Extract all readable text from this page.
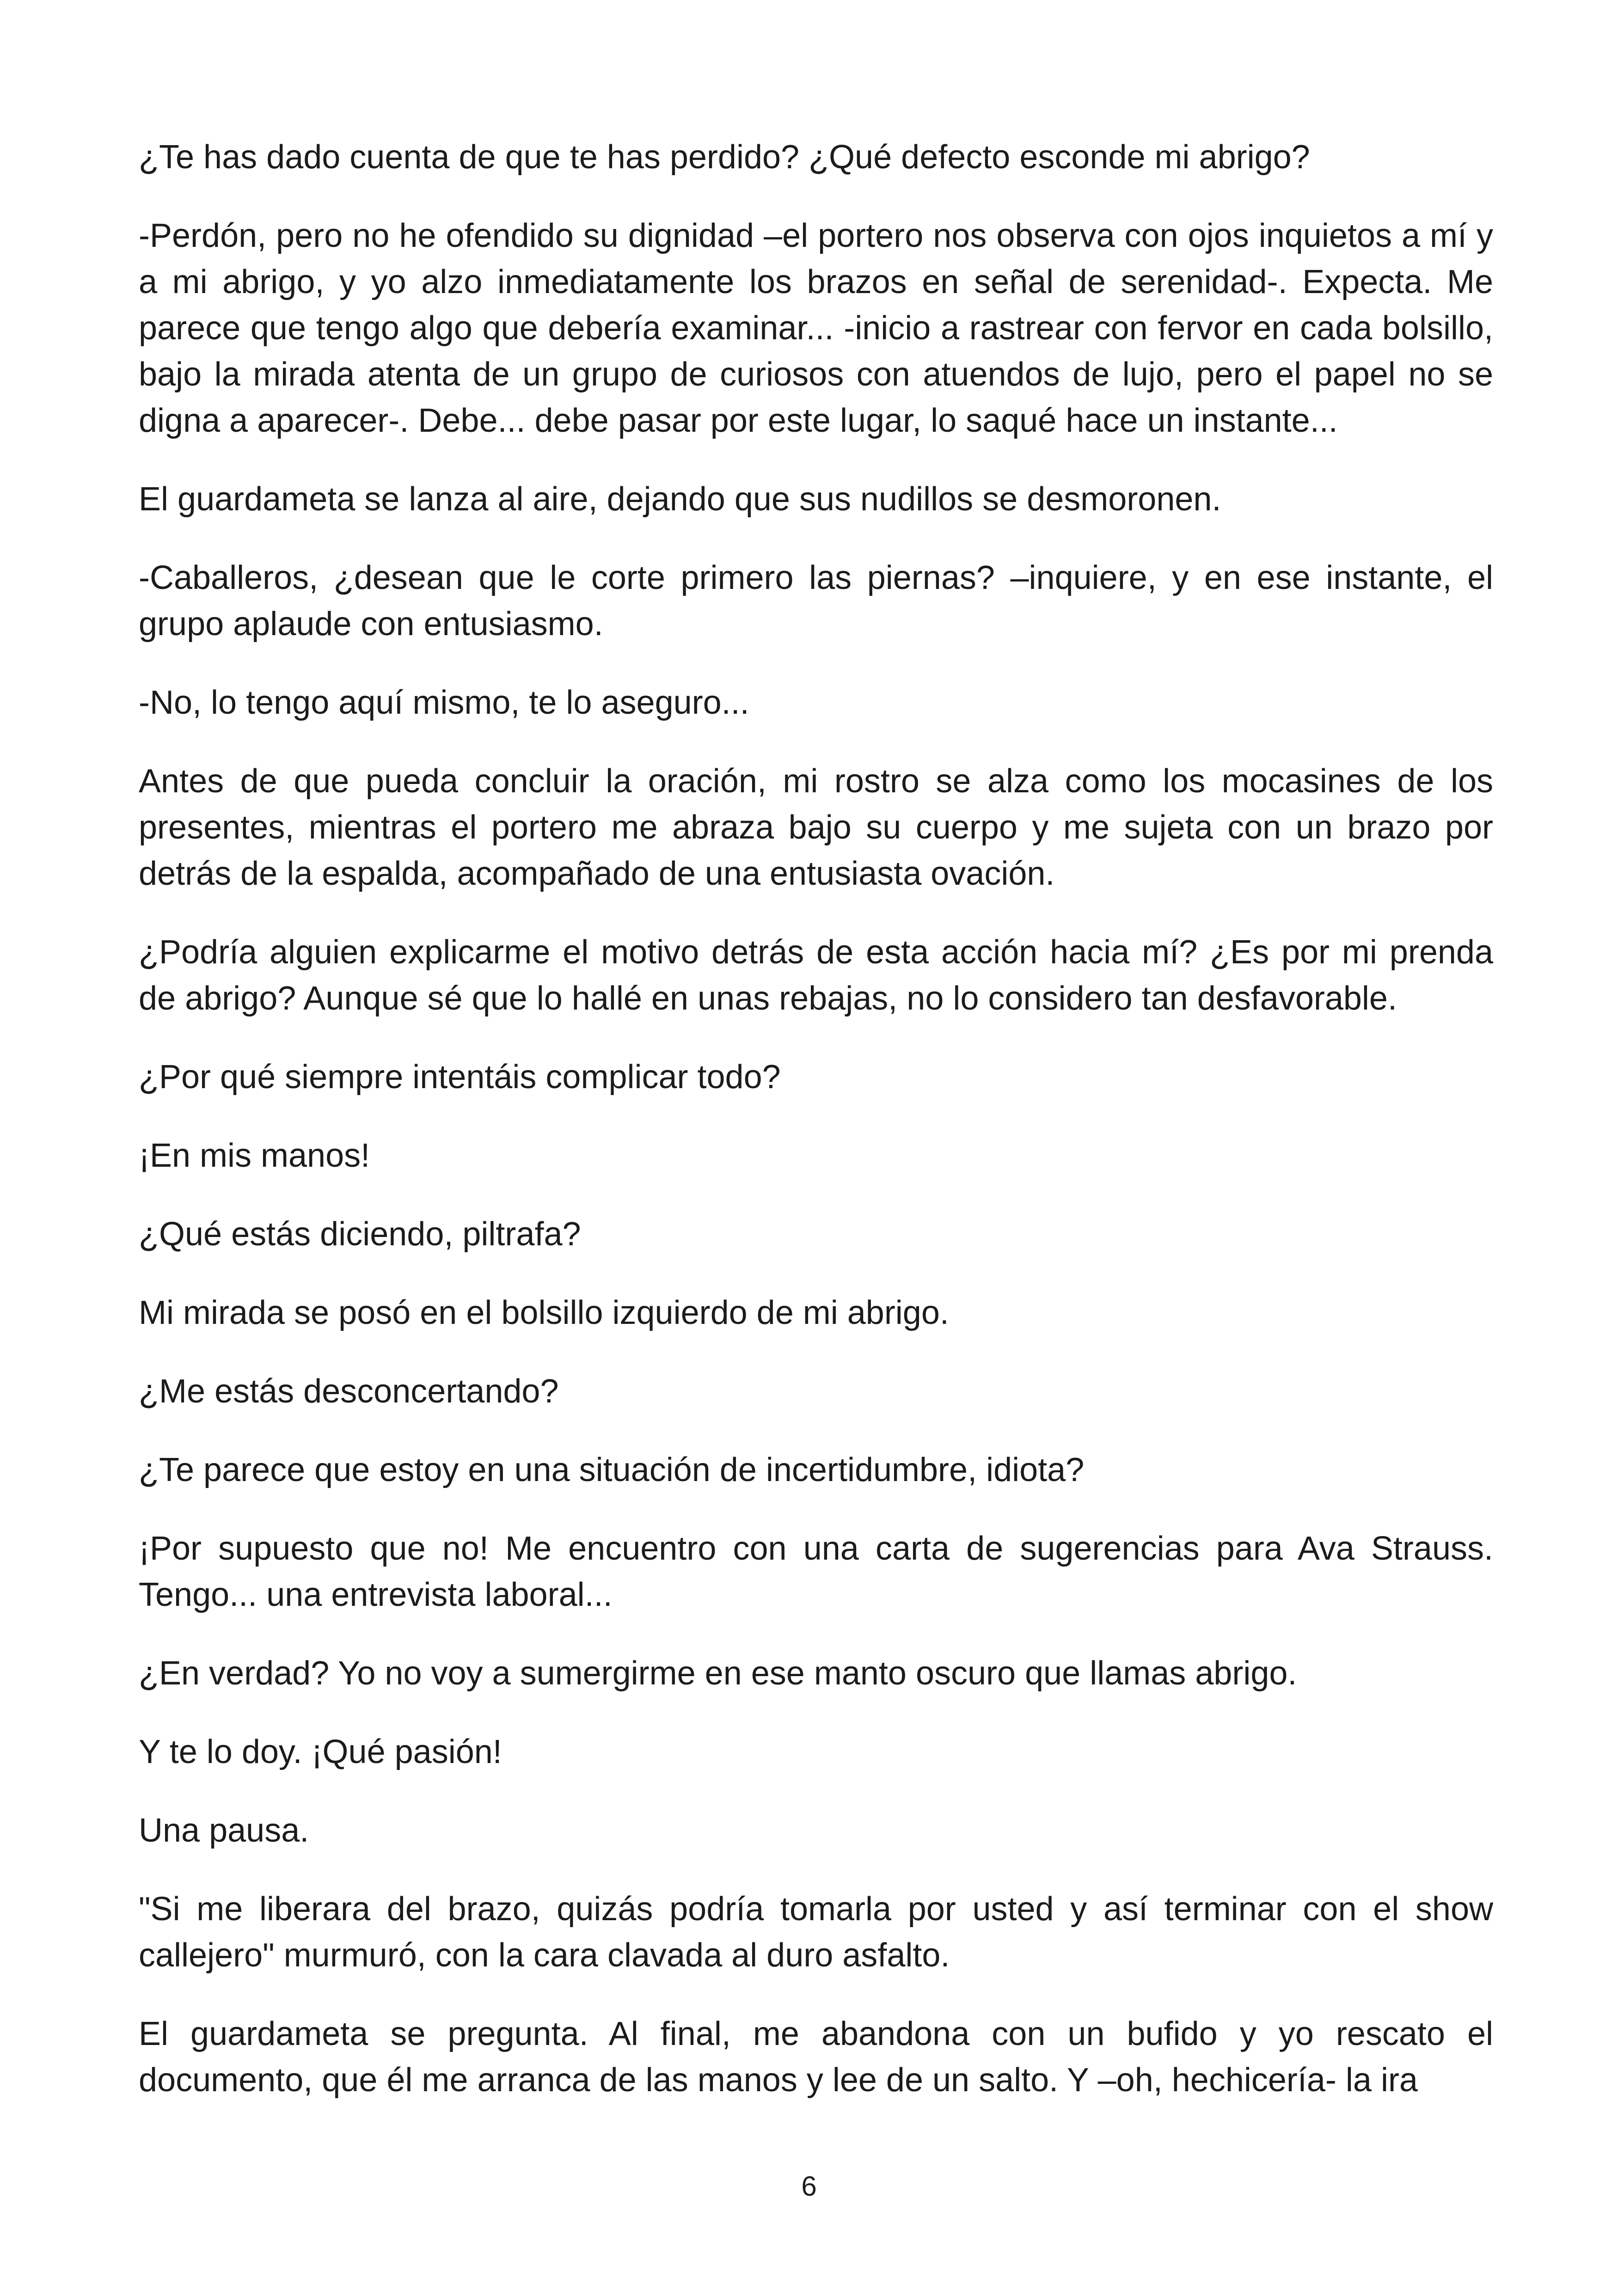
¿Te has dado cuenta de que te has perdido? ¿Qué defecto esconde mi abrigo?

-Perdón, pero no he ofendido su dignidad –el portero nos observa con ojos inquietos a mí y a mi abrigo, y yo alzo inmediatamente los brazos en señal de serenidad-. Expecta. Me parece que tengo algo que debería examinar... -inicio a rastrear con fervor en cada bolsillo, bajo la mirada atenta de un grupo de curiosos con atuendos de lujo, pero el papel no se digna a aparecer-. Debe... debe pasar por este lugar, lo saqué hace un instante...

El guardameta se lanza al aire, dejando que sus nudillos se desmoronen.

-Caballeros, ¿desean que le corte primero las piernas? –inquiere, y en ese instante, el grupo aplaude con entusiasmo.

-No, lo tengo aquí mismo, te lo aseguro...

Antes de que pueda concluir la oración, mi rostro se alza como los mocasines de los presentes, mientras el portero me abraza bajo su cuerpo y me sujeta con un brazo por detrás de la espalda, acompañado de una entusiasta ovación.

¿Podría alguien explicarme el motivo detrás de esta acción hacia mí? ¿Es por mi prenda de abrigo? Aunque sé que lo hallé en unas rebajas, no lo considero tan desfavorable.

¿Por qué siempre intentáis complicar todo?

¡En mis manos!

¿Qué estás diciendo, piltrafa?

Mi mirada se posó en el bolsillo izquierdo de mi abrigo.

¿Me estás desconcertando?

¿Te parece que estoy en una situación de incertidumbre, idiota?

¡Por supuesto que no! Me encuentro con una carta de sugerencias para Ava Strauss. Tengo... una entrevista laboral...

¿En verdad? Yo no voy a sumergirme en ese manto oscuro que llamas abrigo.

Y te lo doy. ¡Qué pasión!

Una pausa.

"Si me liberara del brazo, quizás podría tomarla por usted y así terminar con el show callejero" murmuró, con la cara clavada al duro asfalto.

El guardameta se pregunta. Al final, me abandona con un bufido y yo rescato el documento, que él me arranca de las manos y lee de un salto. Y –oh, hechicería- la ira

6
